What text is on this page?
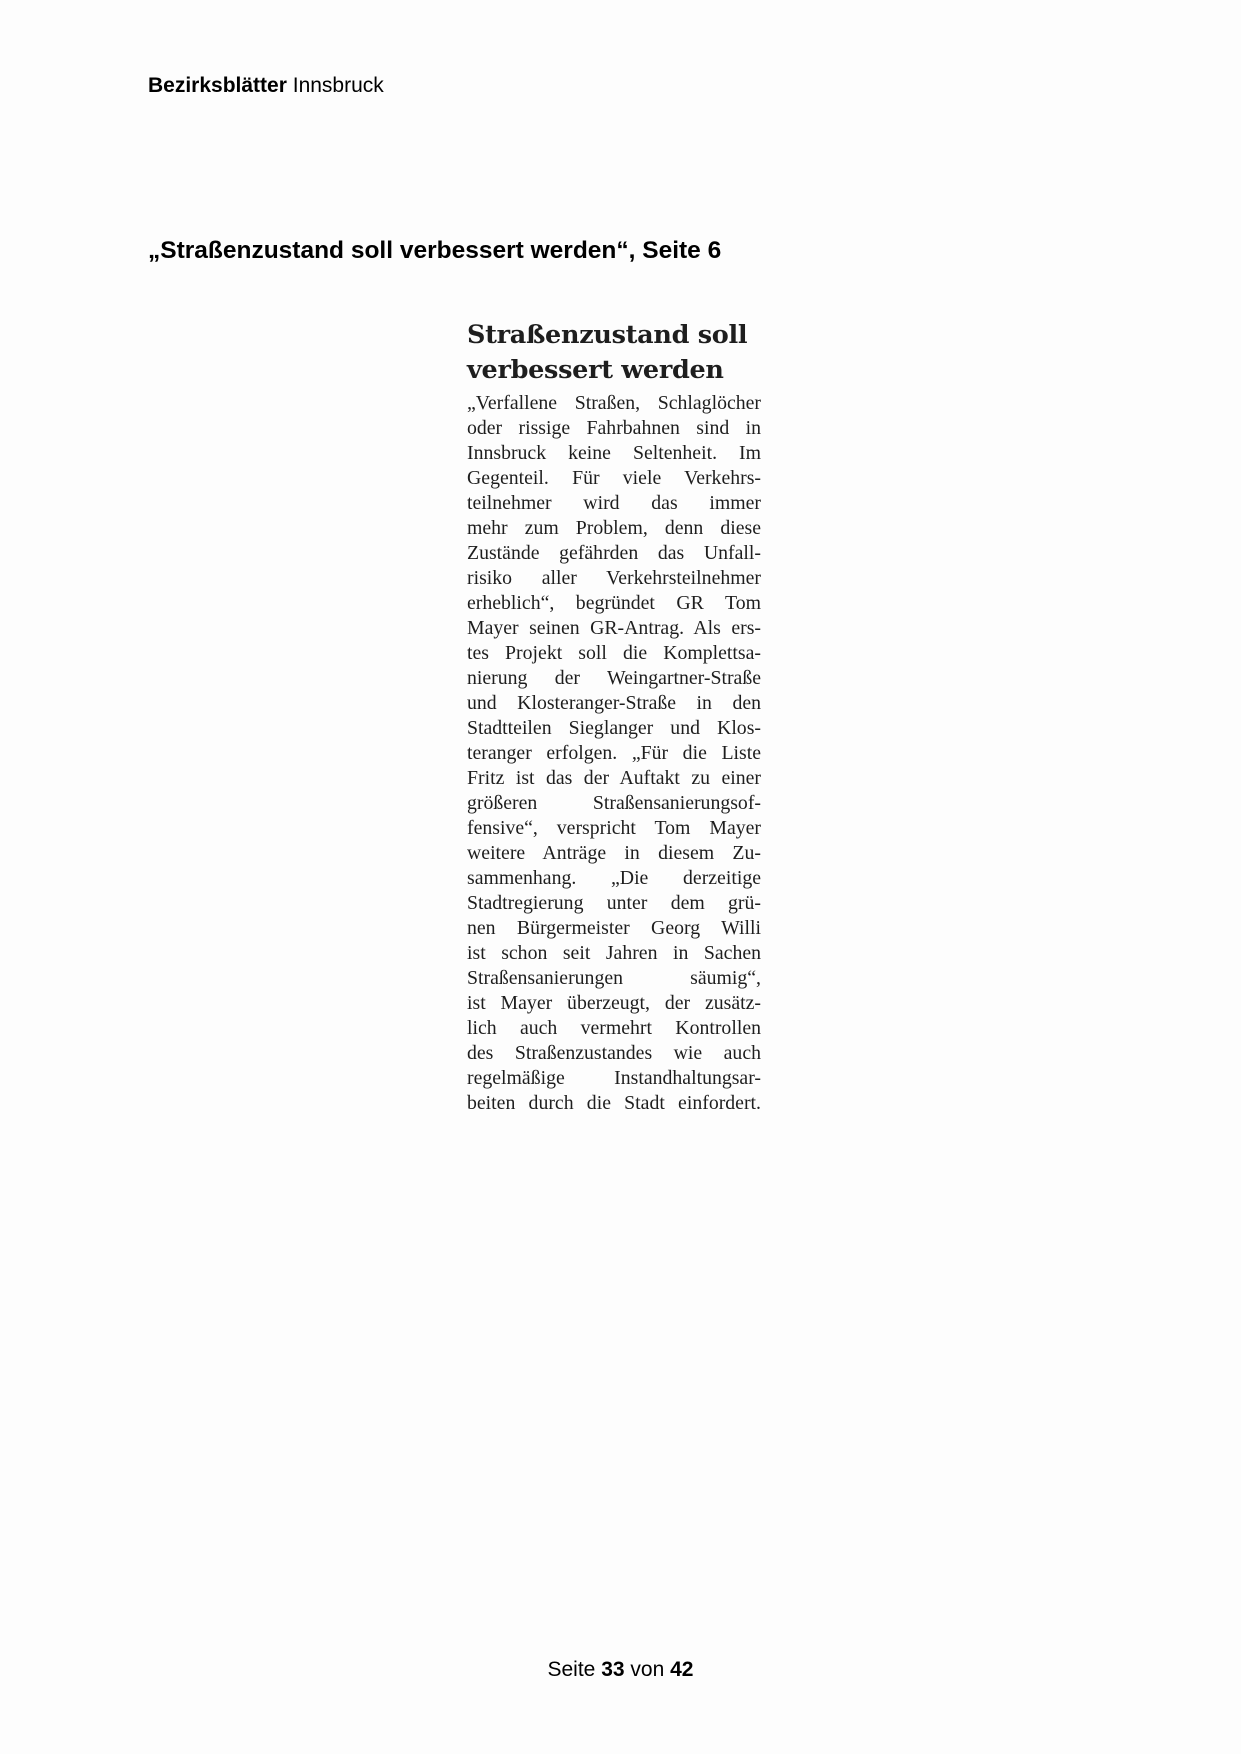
Bezirksblätter Innsbruck
„Straßenzustand soll verbessert werden“, Seite 6
Straßenzustand soll
verbessert werden
„Verfallene Straßen, Schlaglöcher
oder rissige Fahrbahnen sind in
Innsbruck keine Seltenheit. Im
Gegenteil. Für viele Verkehrs-
teilnehmer wird das immer
mehr zum Problem, denn diese
Zustände gefährden das Unfall-
risiko aller Verkehrsteilnehmer
erheblich“, begründet GR Tom
Mayer seinen GR-Antrag. Als ers-
tes Projekt soll die Komplettsa-
nierung der Weingartner-Straße
und Klosteranger-Straße in den
Stadtteilen Sieglanger und Klos-
teranger erfolgen. „Für die Liste
Fritz ist das der Auftakt zu einer
größeren Straßensanierungsof-
fensive“, verspricht Tom Mayer
weitere Anträge in diesem Zu-
sammenhang. „Die derzeitige
Stadtregierung unter dem grü-
nen Bürgermeister Georg Willi
ist schon seit Jahren in Sachen
Straßensanierungen säumig“,
ist Mayer überzeugt, der zusätz-
lich auch vermehrt Kontrollen
des Straßenzustandes wie auch
regelmäßige Instandhaltungsar-
beiten durch die Stadt einfordert.
Seite 33 von 42
